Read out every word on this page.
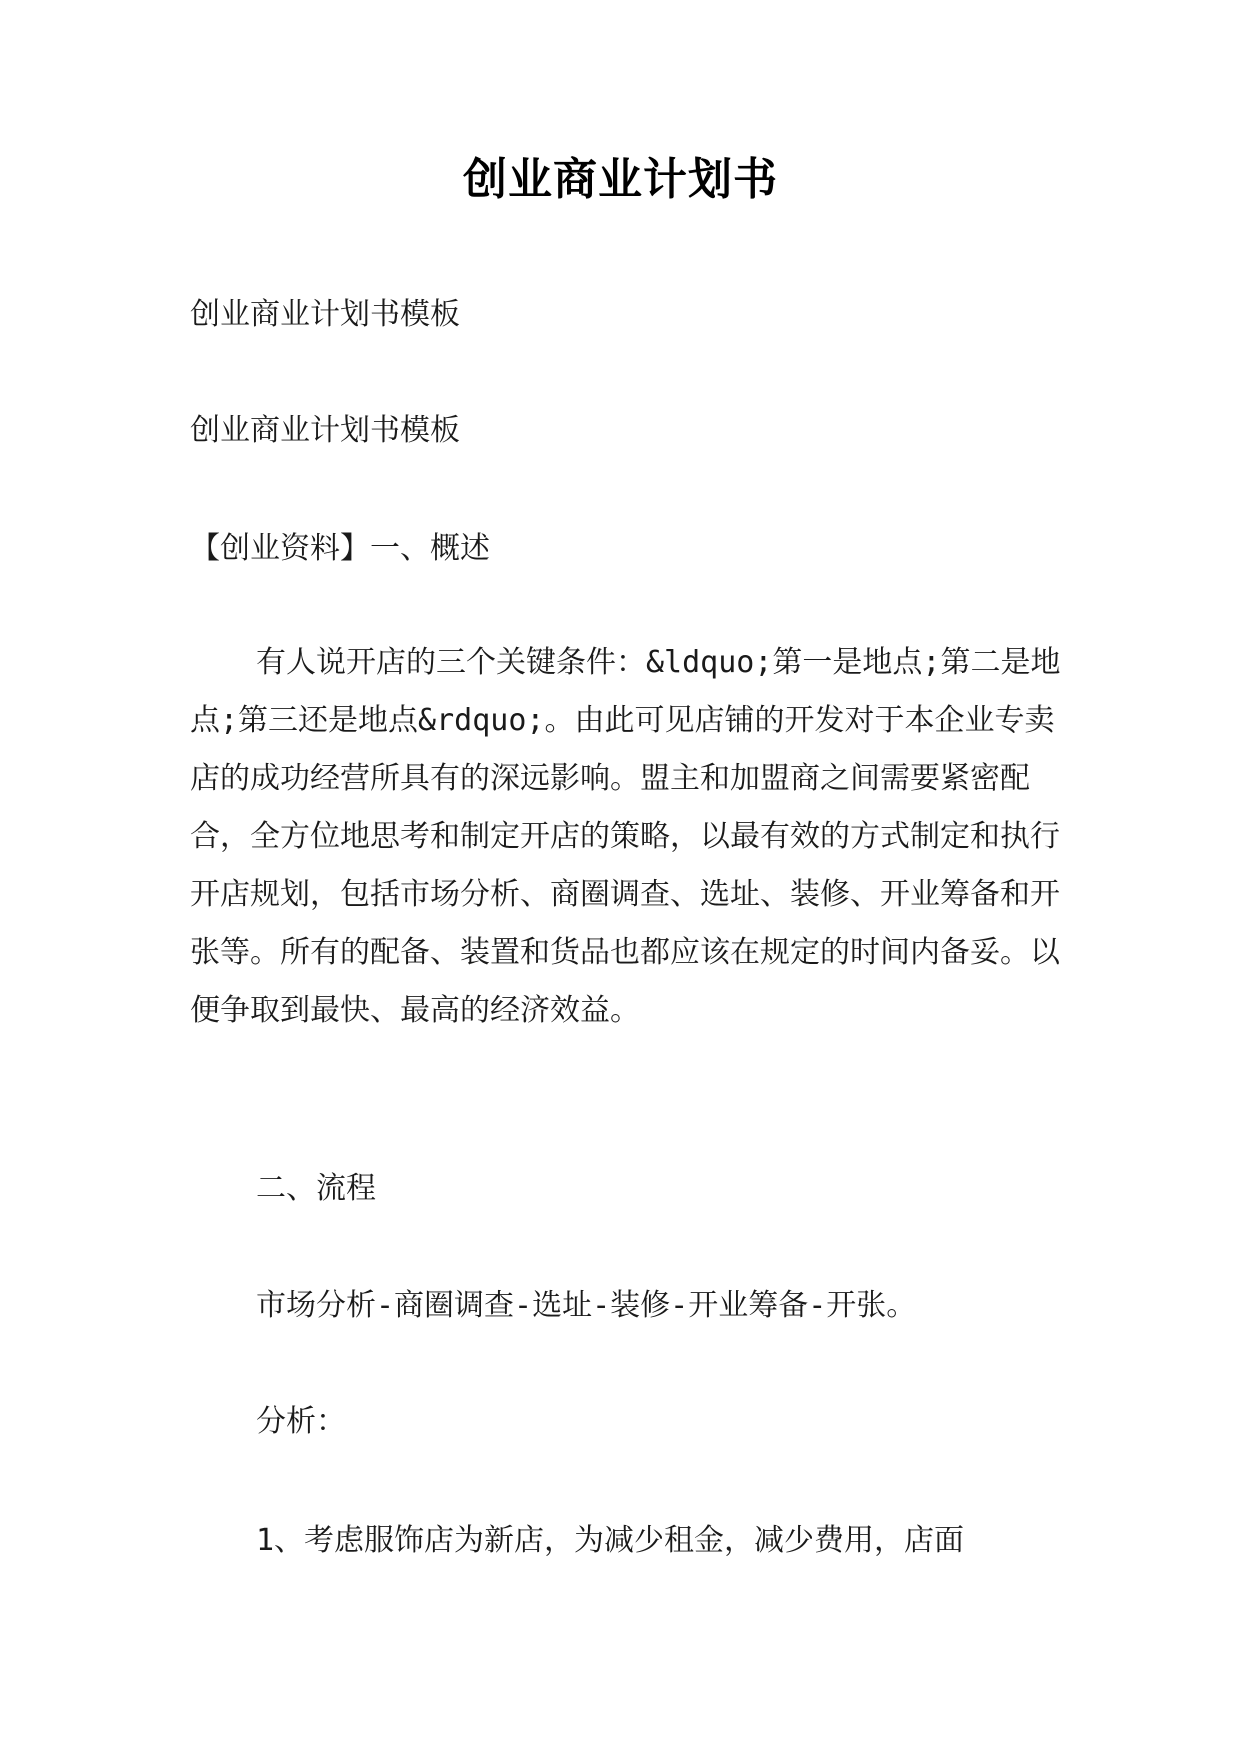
创业商业计划书

创业商业计划书模板

创业商业计划书模板

【创业资料】一、概述

有人说开店的三个关键条件：&ldquo;第一是地点;第二是地点;第三还是地点&rdquo;。由此可见店铺的开发对于本企业专卖店的成功经营所具有的深远影响。盟主和加盟商之间需要紧密配合，全方位地思考和制定开店的策略，以最有效的方式制定和执行开店规划，包括市场分析、商圈调查、选址、装修、开业筹备和开张等。所有的配备、装置和货品也都应该在规定的时间内备妥。以便争取到最快、最高的经济效益。

二、流程

市场分析-商圈调查-选址-装修-开业筹备-开张。

分析：

1、考虑服饰店为新店，为减少租金，减少费用，店面
